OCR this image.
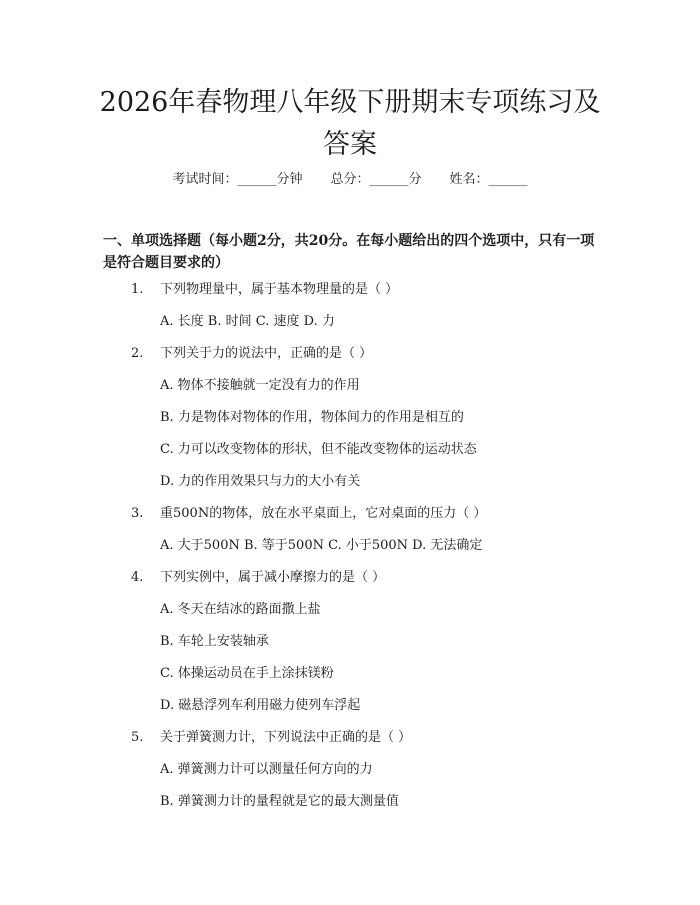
2026年春物理八年级下册期末专项练习及答案
考试时间：______分钟 总分：______分 姓名：______

一、单项选择题（每小题2分，共20分。在每小题给出的四个选项中，只有一项是符合题目要求的）

1. 下列物理量中，属于基本物理量的是（ ）
A. 长度 B. 时间 C. 速度 D. 力
2. 下列关于力的说法中，正确的是（ ）
A. 物体不接触就一定没有力的作用
B. 力是物体对物体的作用，物体间力的作用是相互的
C. 力可以改变物体的形状，但不能改变物体的运动状态
D. 力的作用效果只与力的大小有关
3. 重500N的物体，放在水平桌面上，它对桌面的压力（ ）
A. 大于500N B. 等于500N C. 小于500N D. 无法确定
4. 下列实例中，属于减小摩擦力的是（ ）
A. 冬天在结冰的路面撒上盐
B. 车轮上安装轴承
C. 体操运动员在手上涂抹镁粉
D. 磁悬浮列车利用磁力使列车浮起
5. 关于弹簧测力计，下列说法中正确的是（ ）
A. 弹簧测力计可以测量任何方向的力
B. 弹簧测力计的量程就是它的最大测量值
